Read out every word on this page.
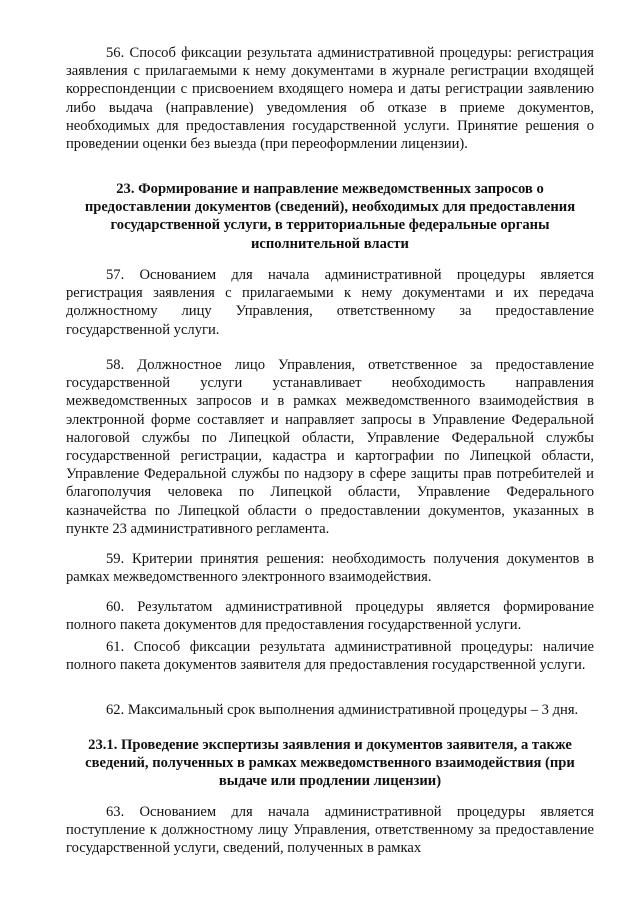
56. Способ фиксации результата административной процедуры: регистрация заявления с прилагаемыми к нему документами в журнале регистрации входящей корреспонденции с присвоением входящего номера и даты регистрации заявлению либо выдача (направление) уведомления об отказе в приеме документов, необходимых для предоставления государственной услуги. Принятие решения о проведении оценки без выезда (при переоформлении лицензии).

23. Формирование и направление межведомственных запросов о предоставлении документов (сведений), необходимых для предоставления государственной услуги, в территориальные федеральные органы исполнительной власти

57. Основанием для начала административной процедуры является регистрация заявления с прилагаемыми к нему документами и их передача должностному лицу Управления, ответственному за предоставление государственной услуги.

58. Должностное лицо Управления, ответственное за предоставление государственной услуги устанавливает необходимость направления межведомственных запросов и в рамках межведомственного взаимодействия в электронной форме составляет и направляет запросы в Управление Федеральной налоговой службы по Липецкой области, Управление Федеральной службы государственной регистрации, кадастра и картографии по Липецкой области, Управление Федеральной службы по надзору в сфере защиты прав потребителей и благополучия человека по Липецкой области, Управление Федерального казначейства по Липецкой области о предоставлении документов, указанных в пункте 23 административного регламента.

59. Критерии принятия решения: необходимость получения документов в рамках межведомственного электронного взаимодействия.

60. Результатом административной процедуры является формирование полного пакета документов для предоставления государственной услуги.

61. Способ фиксации результата административной процедуры: наличие полного пакета документов заявителя для предоставления государственной услуги.

62. Максимальный срок выполнения административной процедуры – 3 дня.

23.1. Проведение экспертизы заявления и документов заявителя, а также сведений, полученных в рамках межведомственного взаимодействия (при выдаче или продлении лицензии)

63. Основанием для начала административной процедуры является поступление к должностному лицу Управления, ответственному за предоставление государственной услуги, сведений, полученных в рамках
